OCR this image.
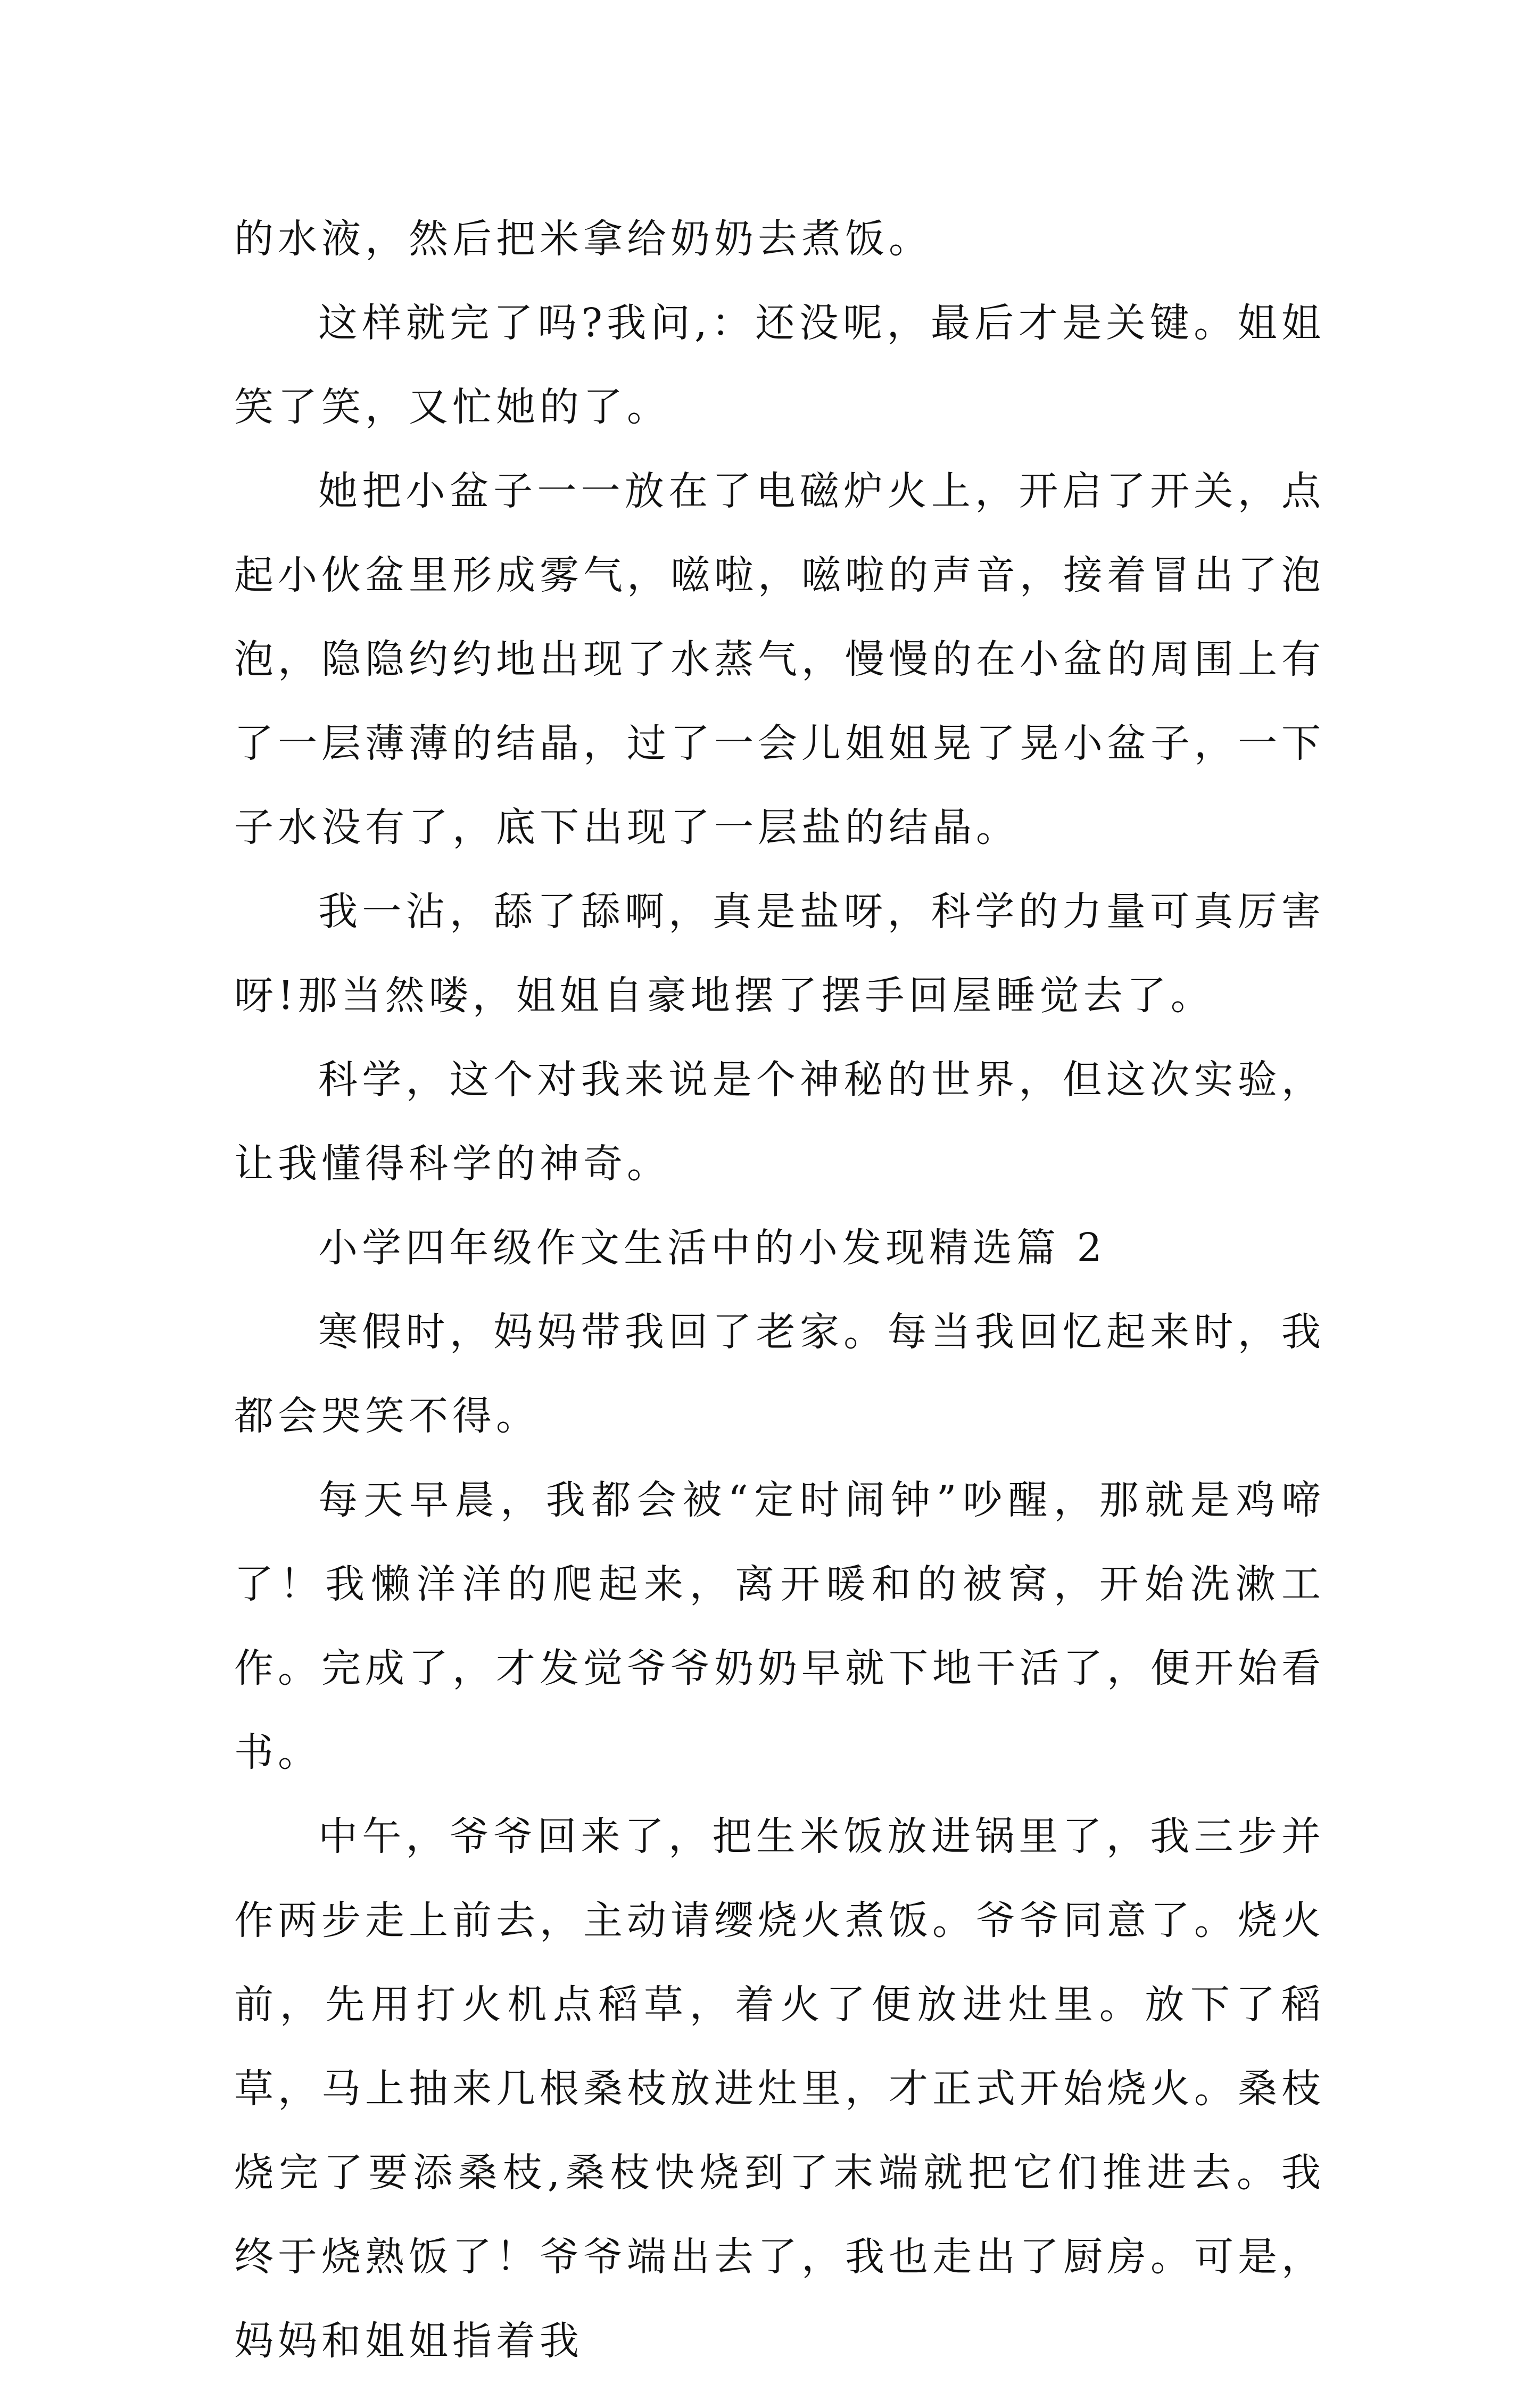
的水液，然后把米拿给奶奶去煮饭。

这样就完了吗?我问,：还没呢，最后才是关键。姐姐笑了笑，又忙她的了。

她把小盆子一一放在了电磁炉火上，开启了开关，点起小伙盆里形成雾气，嗞啦，嗞啦的声音，接着冒出了泡泡，隐隐约约地出现了水蒸气，慢慢的在小盆的周围上有了一层薄薄的结晶，过了一会儿姐姐晃了晃小盆子，一下子水没有了，底下出现了一层盐的结晶。

我一沾，舔了舔啊，真是盐呀，科学的力量可真厉害呀!那当然喽，姐姐自豪地摆了摆手回屋睡觉去了。

科学，这个对我来说是个神秘的世界，但这次实验，让我懂得科学的神奇。

小学四年级作文生活中的小发现精选篇 2

寒假时，妈妈带我回了老家。每当我回忆起来时，我都会哭笑不得。

每天早晨，我都会被“定时闹钟”吵醒，那就是鸡啼了！我懒洋洋的爬起来，离开暖和的被窝，开始洗漱工作。完成了，才发觉爷爷奶奶早就下地干活了，便开始看书。

中午，爷爷回来了，把生米饭放进锅里了，我三步并作两步走上前去，主动请缨烧火煮饭。爷爷同意了。烧火前，先用打火机点稻草，着火了便放进灶里。放下了稻草，马上抽来几根桑枝放进灶里，才正式开始烧火。桑枝烧完了要添桑枝,桑枝快烧到了末端就把它们推进去。我终于烧熟饭了！爷爷端出去了，我也走出了厨房。可是，妈妈和姐姐指着我
